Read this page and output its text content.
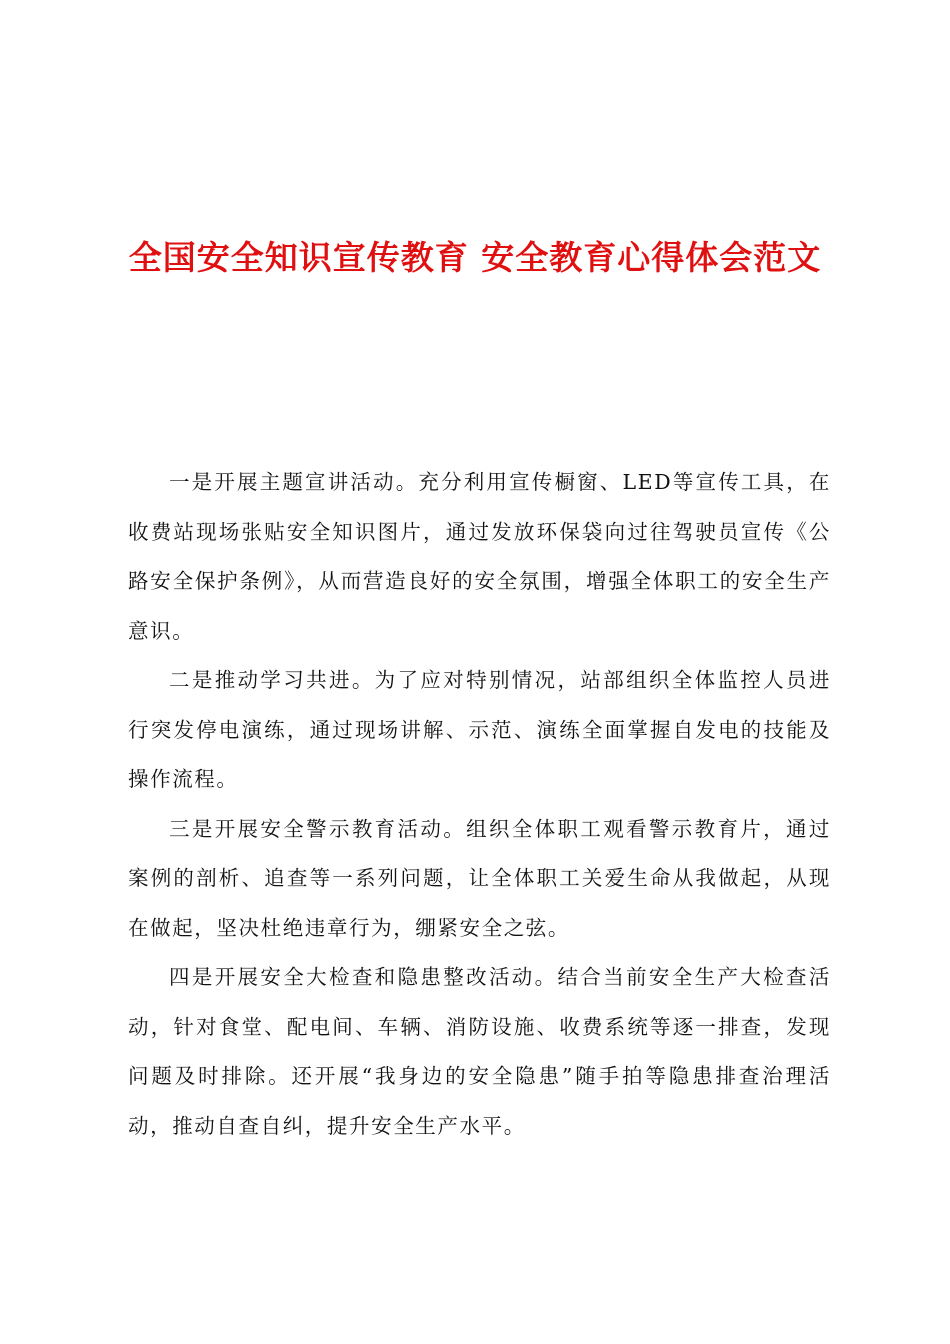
全国安全知识宣传教育 安全教育心得体会范文

一是开展主题宣讲活动。充分利用宣传橱窗、LED等宣传工具，在收费站现场张贴安全知识图片，通过发放环保袋向过往驾驶员宣传《公路安全保护条例》，从而营造良好的安全氛围，增强全体职工的安全生产意识。

二是推动学习共进。为了应对特别情况，站部组织全体监控人员进行突发停电演练，通过现场讲解、示范、演练全面掌握自发电的技能及操作流程。

三是开展安全警示教育活动。组织全体职工观看警示教育片，通过案例的剖析、追查等一系列问题，让全体职工关爱生命从我做起，从现在做起，坚决杜绝违章行为，绷紧安全之弦。

四是开展安全大检查和隐患整改活动。结合当前安全生产大检查活动，针对食堂、配电间、车辆、消防设施、收费系统等逐一排查，发现问题及时排除。还开展“我身边的安全隐患”随手拍等隐患排查治理活动，推动自查自纠，提升安全生产水平。
